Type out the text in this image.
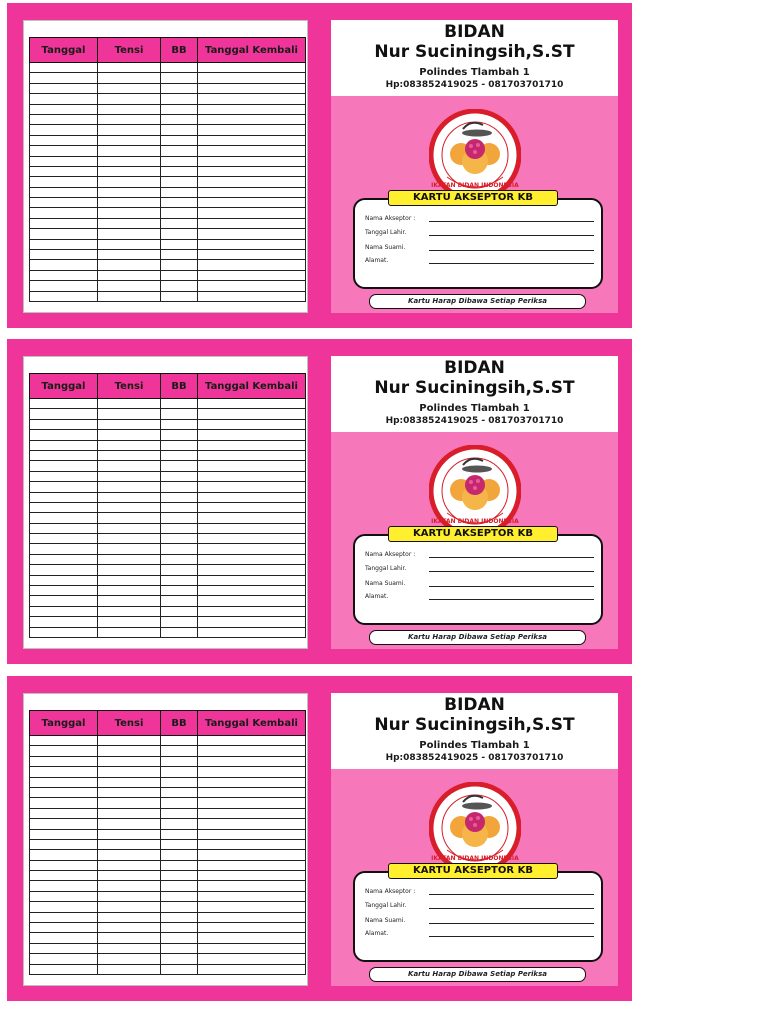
Tanggal	Tensi	BB	Tanggal Kembali

BIDAN
Nur Suciningsih,S.ST
Polindes Tlambah 1
Hp:083852419025 - 081703701710
IKATAN BIDAN INDONESIA
Nama Akseptor :
Tanggal Lahir.
Nama Suami.
Alamat.
KARTU AKSEPTOR KB
Kartu Harap Dibawa Setiap Periksa
Tanggal	Tensi	BB	Tanggal Kembali

BIDAN
Nur Suciningsih,S.ST
Polindes Tlambah 1
Hp:083852419025 - 081703701710
IKATAN BIDAN INDONESIA
Nama Akseptor :
Tanggal Lahir.
Nama Suami.
Alamat.
KARTU AKSEPTOR KB
Kartu Harap Dibawa Setiap Periksa
Tanggal	Tensi	BB	Tanggal Kembali

BIDAN
Nur Suciningsih,S.ST
Polindes Tlambah 1
Hp:083852419025 - 081703701710
IKATAN BIDAN INDONESIA
Nama Akseptor :
Tanggal Lahir.
Nama Suami.
Alamat.
KARTU AKSEPTOR KB
Kartu Harap Dibawa Setiap Periksa
